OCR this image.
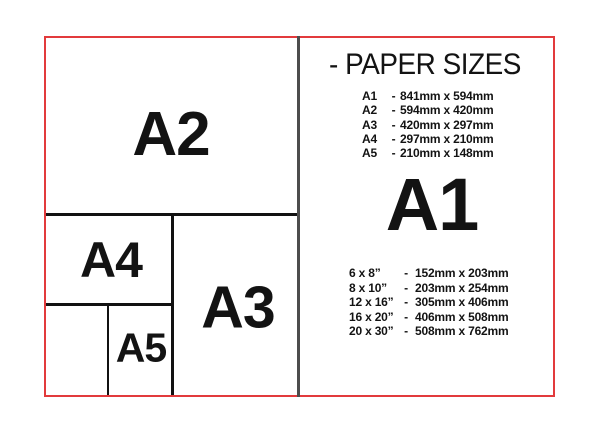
A2
A4
A3
A5
- PAPER SIZES
A1	- 841mm x 594mm
A2	- 594mm x 420mm
A3	- 420mm x 297mm
A4	- 297mm x 210mm
A5	- 210mm x 148mm
A1
6 x 8”	- 152mm x 203mm
8 x 10”	- 203mm x 254mm
12 x 16” - 305mm x 406mm
16 x 20” - 406mm x 508mm
20 x 30” - 508mm x 762mm
